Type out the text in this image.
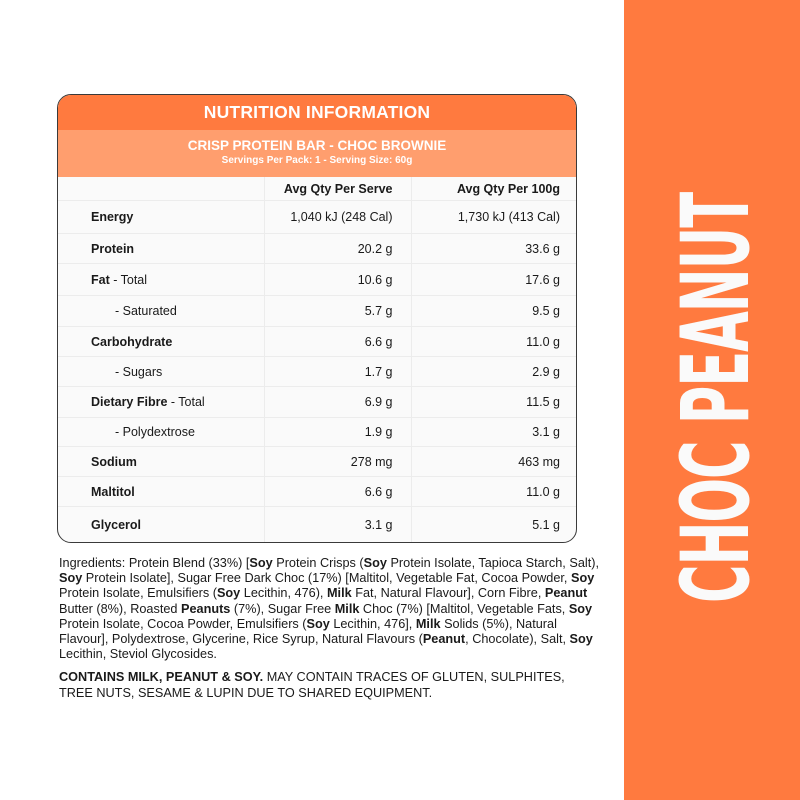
CHOC PEANUT
NUTRITION INFORMATION
CRISP PROTEIN BAR - CHOC BROWNIE
Servings Per Pack: 1 - Serving Size: 60g
	Avg Qty Per Serve	Avg Qty Per 100g
Energy	1,040 kJ (248 Cal)	1,730 kJ (413 Cal)
Protein	20.2 g	33.6 g
Fat - Total	10.6 g	17.6 g
- Saturated	5.7 g	9.5 g
Carbohydrate	6.6 g	11.0 g
- Sugars	1.7 g	2.9 g
Dietary Fibre - Total	6.9 g	11.5 g
- Polydextrose	1.9 g	3.1 g
Sodium	278 mg	463 mg
Maltitol	6.6 g	11.0 g
Glycerol	3.1 g	5.1 g

Ingredients: Protein Blend (33%) [Soy Protein Crisps (Soy Protein Isolate, Tapioca Starch, Salt), Soy Protein Isolate], Sugar Free Dark Choc (17%) [Maltitol, Vegetable Fat, Cocoa Powder, Soy Protein Isolate, Emulsifiers (Soy Lecithin, 476), Milk Fat, Natural Flavour], Corn Fibre, Peanut Butter (8%), Roasted Peanuts (7%), Sugar Free Milk Choc (7%) [Maltitol, Vegetable Fats, Soy Protein Isolate, Cocoa Powder, Emulsifiers (Soy Lecithin, 476], Milk Solids (5%), Natural Flavour], Polydextrose, Glycerine, Rice Syrup, Natural Flavours (Peanut, Chocolate), Salt, Soy Lecithin, Steviol Glycosides.

CONTAINS MILK, PEANUT & SOY. MAY CONTAIN TRACES OF GLUTEN, SULPHITES, TREE NUTS, SESAME & LUPIN DUE TO SHARED EQUIPMENT.
